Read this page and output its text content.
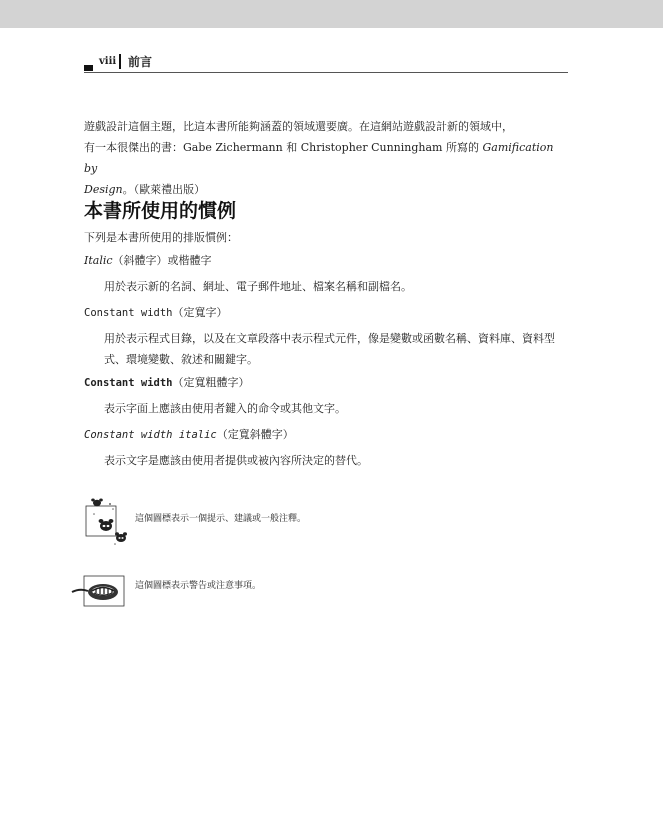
viii 前言
遊戲設計這個主題，比這本書所能夠涵蓋的領域還要廣。在這網站遊戲設計新的領域中，
有一本很傑出的書：Gabe Zichermann 和 Christopher Cunningham 所寫的 Gamification by
Design。（歐萊禮出版）
本書所使用的慣例
下列是本書所使用的排版慣例：
Italic（斜體字）或楷體字
用於表示新的名詞、網址、電子郵件地址、檔案名稱和副檔名。
Constant width（定寬字）
用於表示程式目錄，以及在文章段落中表示程式元件，像是變數或函數名稱、資料庫、資料型式、環境變數、敘述和關鍵字。
Constant width（定寬粗體字）
表示字面上應該由使用者鍵入的命令或其他文字。
Constant width italic（定寬斜體字）
表示文字是應該由使用者提供或被內容所決定的替代。
這個圖標表示一個提示、建議或一般注釋。
這個圖標表示警告或注意事項。
